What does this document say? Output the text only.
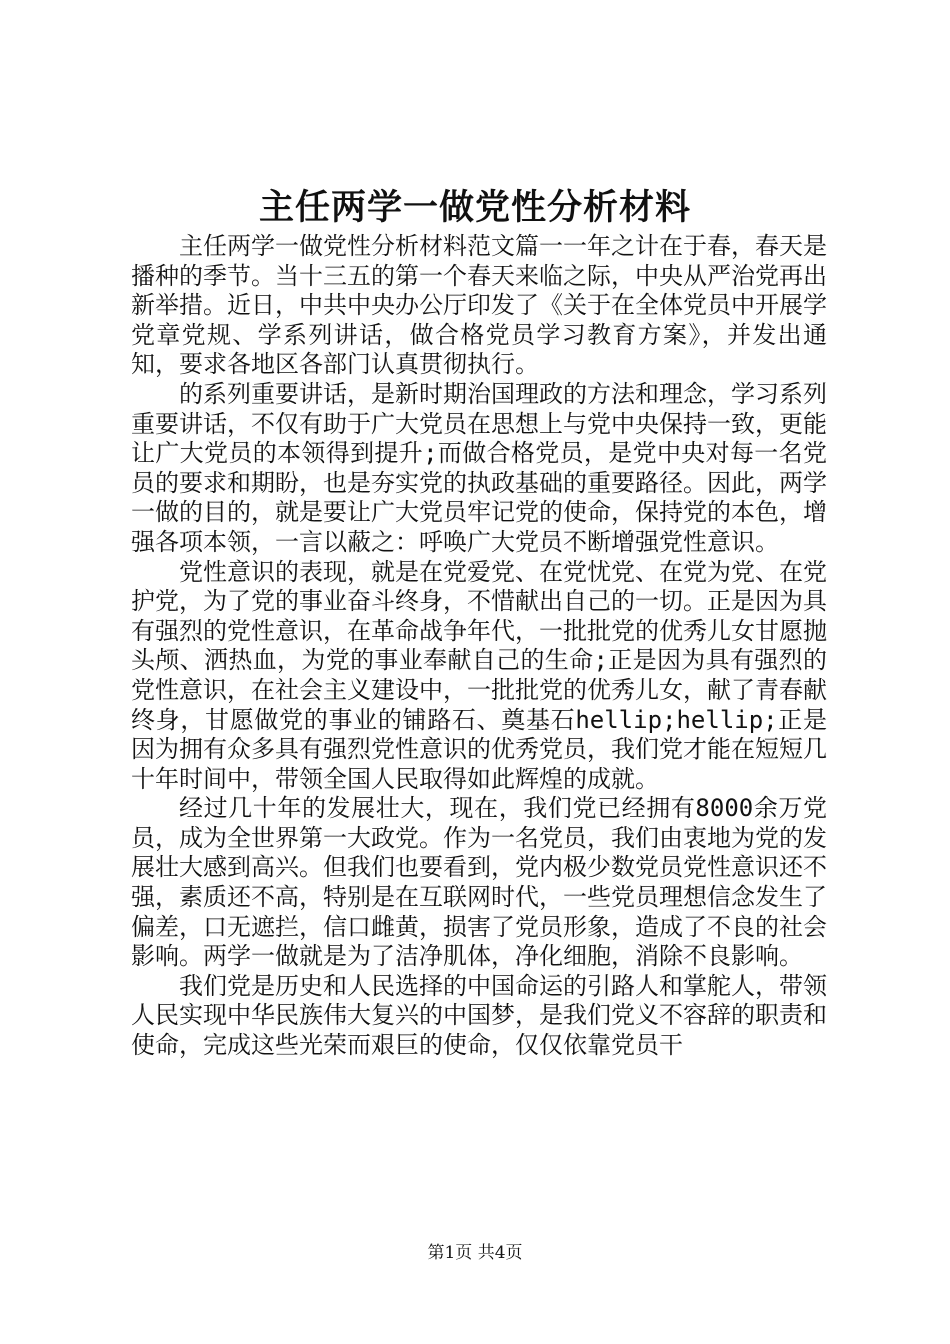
主任两学一做党性分析材料

主任两学一做党性分析材料范文篇一一年之计在于春，春天是播种的季节。当十三五的第一个春天来临之际，中央从严治党再出新举措。近日，中共中央办公厅印发了《关于在全体党员中开展学党章党规、学系列讲话，做合格党员学习教育方案》，并发出通知，要求各地区各部门认真贯彻执行。

的系列重要讲话，是新时期治国理政的方法和理念，学习系列重要讲话，不仅有助于广大党员在思想上与党中央保持一致，更能让广大党员的本领得到提升;而做合格党员，是党中央对每一名党员的要求和期盼，也是夯实党的执政基础的重要路径。因此，两学一做的目的，就是要让广大党员牢记党的使命，保持党的本色，增强各项本领，一言以蔽之：呼唤广大党员不断增强党性意识。

党性意识的表现，就是在党爱党、在党忧党、在党为党、在党护党，为了党的事业奋斗终身，不惜献出自己的一切。正是因为具有强烈的党性意识，在革命战争年代，一批批党的优秀儿女甘愿抛头颅、洒热血，为党的事业奉献自己的生命;正是因为具有强烈的党性意识，在社会主义建设中，一批批党的优秀儿女，献了青春献终身，甘愿做党的事业的铺路石、奠基石hellip;hellip;正是因为拥有众多具有强烈党性意识的优秀党员，我们党才能在短短几十年时间中，带领全国人民取得如此辉煌的成就。

经过几十年的发展壮大，现在，我们党已经拥有8000余万党员，成为全世界第一大政党。作为一名党员，我们由衷地为党的发展壮大感到高兴。但我们也要看到，党内极少数党员党性意识还不强，素质还不高，特别是在互联网时代，一些党员理想信念发生了偏差，口无遮拦，信口雌黄，损害了党员形象，造成了不良的社会影响。两学一做就是为了洁净肌体，净化细胞，消除不良影响。

我们党是历史和人民选择的中国命运的引路人和掌舵人，带领人民实现中华民族伟大复兴的中国梦，是我们党义不容辞的职责和使命，完成这些光荣而艰巨的使命，仅仅依靠党员干

第1页 共4页
